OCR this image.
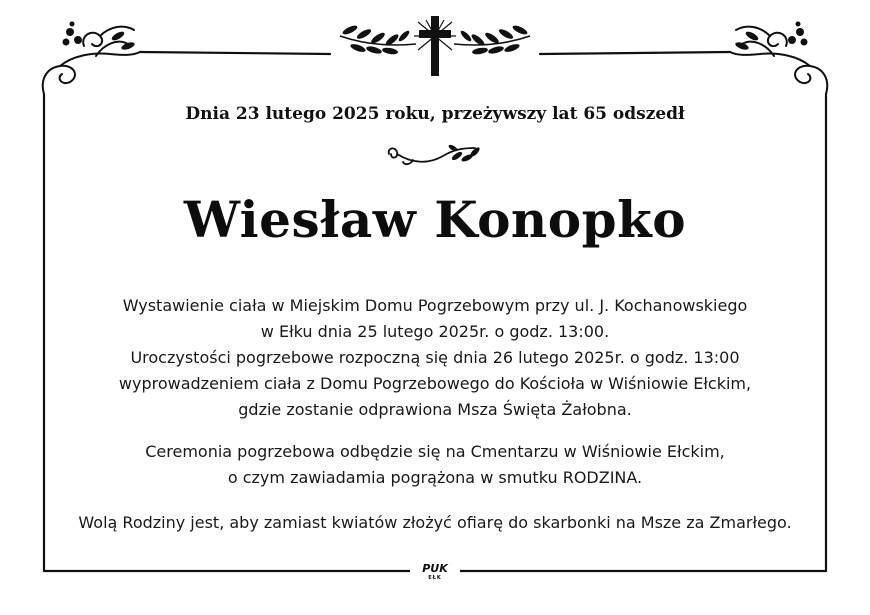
Dnia 23 lutego 2025 roku, przeżywszy lat 65 odszedł
Wiesław Konopko
Wystawienie ciała w Miejskim Domu Pogrzebowym przy ul. J. Kochanowskiego
w Ełku dnia 25 lutego 2025r. o godz. 13:00.
Uroczystości pogrzebowe rozpoczną się dnia 26 lutego 2025r. o godz. 13:00
wyprowadzeniem ciała z Domu Pogrzebowego do Kościoła w Wiśniowie Ełckim,
gdzie zostanie odprawiona Msza Święta Żałobna.
Ceremonia pogrzebowa odbędzie się na Cmentarzu w Wiśniowie Ełckim,
o czym zawiadamia pogrążona w smutku RODZINA.
Wolą Rodziny jest, aby zamiast kwiatów złożyć ofiarę do skarbonki na Msze za Zmarłego.
PUK
EŁK
